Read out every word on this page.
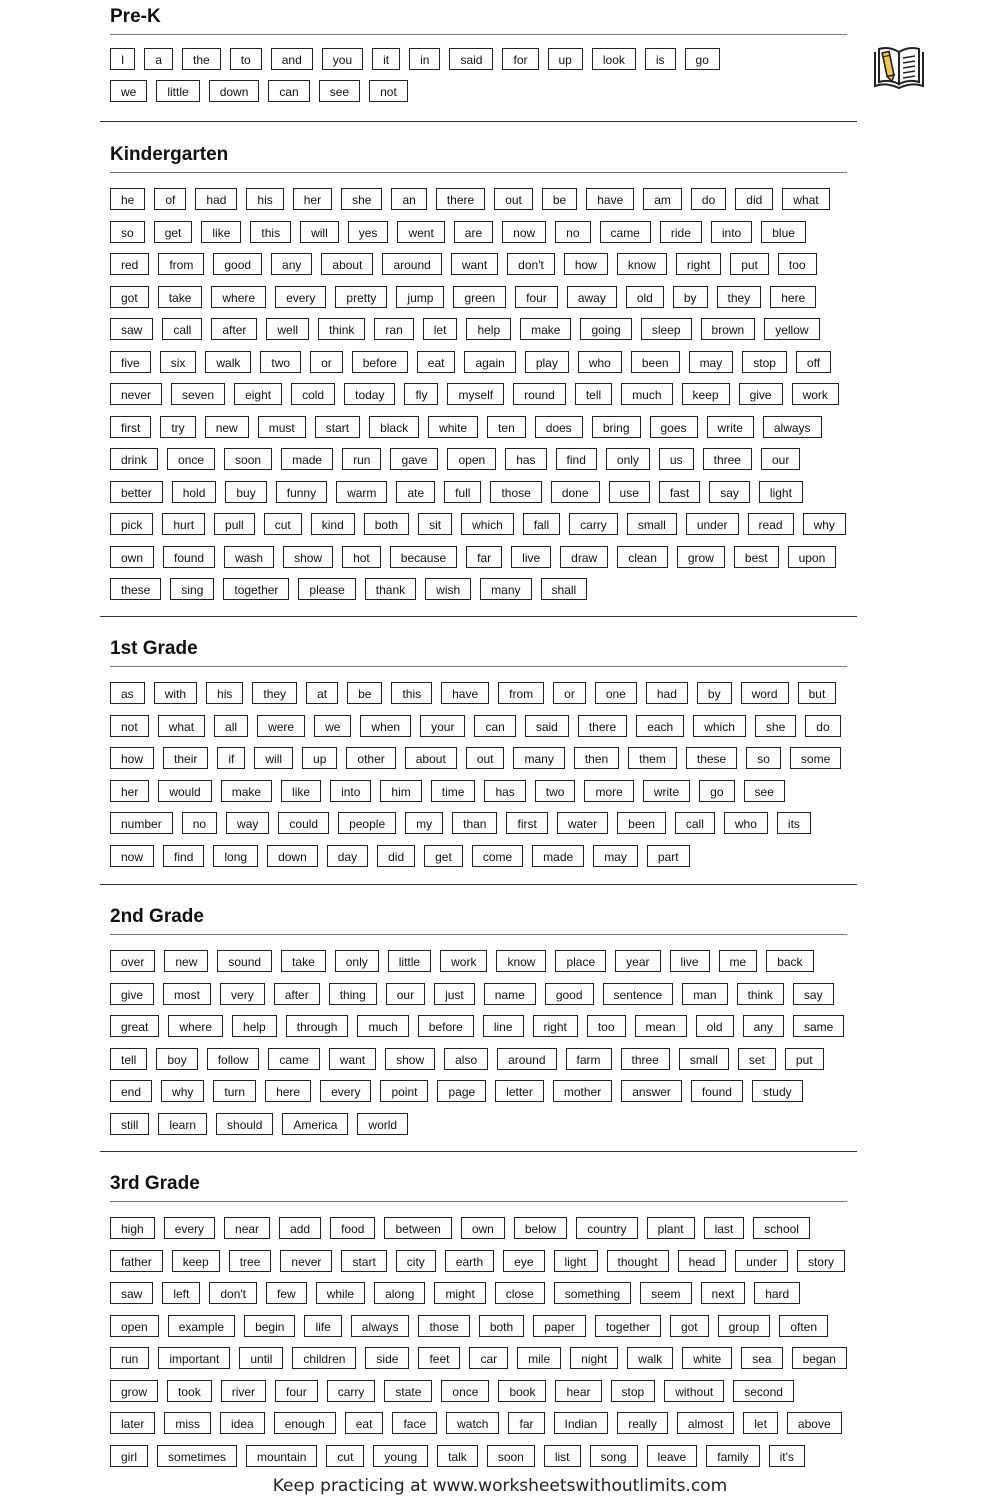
Pre-K
I	a	the	to	and	you	it	in	said	for	up	look	is	go
we	little	down	can	see	not
Kindergarten
he	of	had	his	her	she	an	there	out	be	have	am	do	did	what
so	get	like	this	will	yes	went	are	now	no	came	ride	into	blue
red	from	good	any	about	around	want	don't	how	know	right	put	too
got	take	where	every	pretty	jump	green	four	away	old	by	they	here
saw	call	after	well	think	ran	let	help	make	going	sleep	brown	yellow
five	six	walk	two	or	before	eat	again	play	who	been	may	stop	off
never	seven	eight	cold	today	fly	myself	round	tell	much	keep	give	work
first	try	new	must	start	black	white	ten	does	bring	goes	write	always
drink	once	soon	made	run	gave	open	has	find	only	us	three	our
better	hold	buy	funny	warm	ate	full	those	done	use	fast	say	light
pick	hurt	pull	cut	kind	both	sit	which	fall	carry	small	under	read	why
own	found	wash	show	hot	because	far	live	draw	clean	grow	best	upon
these	sing	together	please	thank	wish	many	shall
1st Grade
as	with	his	they	at	be	this	have	from	or	one	had	by	word	but
not	what	all	were	we	when	your	can	said	there	each	which	she	do
how	their	if	will	up	other	about	out	many	then	them	these	so	some
her	would	make	like	into	him	time	has	two	more	write	go	see
number	no	way	could	people	my	than	first	water	been	call	who	its
now	find	long	down	day	did	get	come	made	may	part
2nd Grade
over	new	sound	take	only	little	work	know	place	year	live	me	back
give	most	very	after	thing	our	just	name	good	sentence	man	think	say
great	where	help	through	much	before	line	right	too	mean	old	any	same
tell	boy	follow	came	want	show	also	around	farm	three	small	set	put
end	why	turn	here	every	point	page	letter	mother	answer	found	study
still	learn	should	America	world
3rd Grade
high	every	near	add	food	between	own	below	country	plant	last	school
father	keep	tree	never	start	city	earth	eye	light	thought	head	under	story
saw	left	don't	few	while	along	might	close	something	seem	next	hard
open	example	begin	life	always	those	both	paper	together	got	group	often
run	important	until	children	side	feet	car	mile	night	walk	white	sea	began
grow	took	river	four	carry	state	once	book	hear	stop	without	second
later	miss	idea	enough	eat	face	watch	far	Indian	really	almost	let	above
girl	sometimes	mountain	cut	young	talk	soon	list	song	leave	family	it's
Keep practicing at www.worksheetswithoutlimits.com
